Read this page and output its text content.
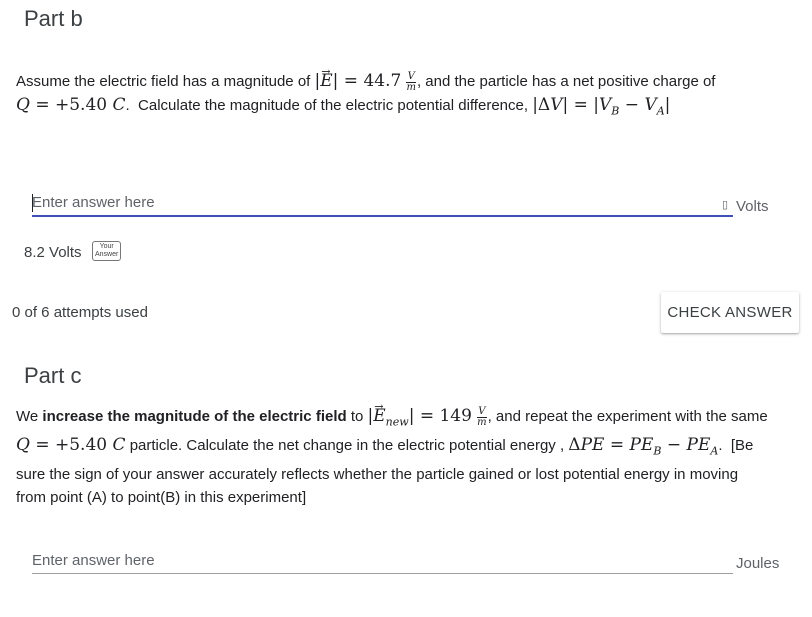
Part b
Assume the electric field has a magnitude of |→ $E| = 44.7 \frac{V}{m}$ , and the particle has a net positive charge of
Q = +5.40 C.  Calculate the magnitude of the electric potential difference, $|\Delta V| = |V_B - V_A|$
Enter answer here
▯ Volts
8.2 Volts	Your
Answer
0 of 6 attempts used	CHECK ANSWER
Part c
We increase the magnitude of the electric field to |→ $E_{new}| = 149 \frac{V}{m}$ , and repeat the experiment with the same
Q = +5.40 C particle. Calculate the net change in the electric potential energy , $\Delta PE = PE_B - PE_A$.  [Be
sure the sign of your answer accurately reflects whether the particle gained or lost potential energy in moving
from point (A) to point(B) in this experiment]
Enter answer here
Joules
